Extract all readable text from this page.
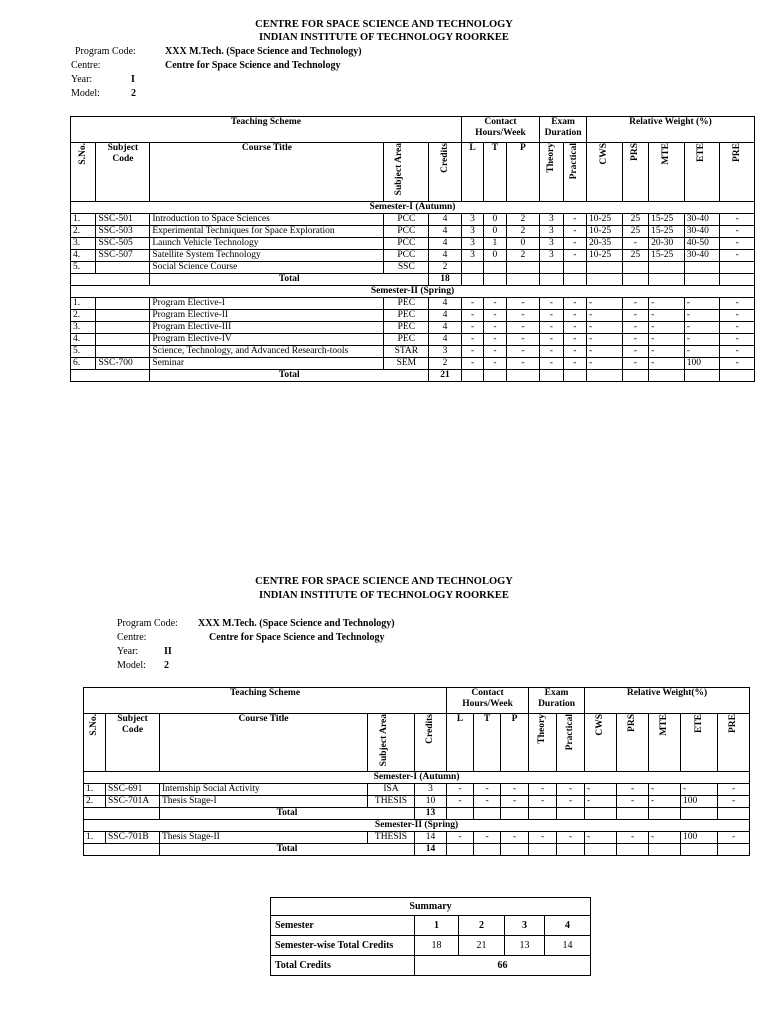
CENTRE FOR SPACE SCIENCE AND TECHNOLOGY
INDIAN INSTITUTE OF TECHNOLOGY ROORKEE
Program Code:	XXX M.Tech. (Space Science and Technology)
Centre:	Centre for Space Science and Technology
Year:	I
Model:	2
Teaching Scheme					Contact Hours/Week			Exam Duration		Relative Weight (%)				

S.No.	Subject Code	Course Title	Subject Area	Credits	L	T	P	Theory	Practical	CWS	PRS	MTE	ETE	PRE

Semester-I (Autumn)														
1.	SSC-501	Introduction to Space Sciences	PCC	4	3	0	2	3	-	10-25	25	15-25	30-40	-
2.	SSC-503	Experimental Techniques for Space Exploration	PCC	4	3	0	2	3	-	10-25	25	15-25	30-40	-
3.	SSC-505	Launch Vehicle Technology	PCC	4	3	1	0	3	-	20-35	-	20-30	40-50	-
4.	SSC-507	Satellite System Technology	PCC	4	3	0	2	3	-	10-25	25	15-25	30-40	-
5.		Social Science Course	SSC	2										
		Total		18										
Semester-II (Spring)														
1.		Program Elective-I	PEC	4	-	-	-	-	-	-	-	-	-	-
2.		Program Elective-II	PEC	4	-	-	-	-	-	-	-	-	-	-
3.		Program Elective-III	PEC	4	-	-	-	-	-	-	-	-	-	-
4.		Program Elective-IV	PEC	4	-	-	-	-	-	-	-	-	-	-
5.		Science, Technology, and Advanced Research-tools	STAR	3	-	-	-	-	-	-	-	-	-	-
6.	SSC-700	Seminar	SEM	2	-	-	-	-	-	-	-	-	100	-
		Total		21										
CENTRE FOR SPACE SCIENCE AND TECHNOLOGY
INDIAN INSTITUTE OF TECHNOLOGY ROORKEE
Program Code: XXX M.Tech. (Space Science and Technology)
Centre:	Centre for Space Science and Technology
Year:	II
Model: 2
Teaching Scheme					Contact Hours/Week			Exam Duration		Relative Weight(%)				

S.No.	Subject Code	Course Title	Subject Area	Credits	L	T	P	Theory	Practical	CWS	PRS	MTE	ETE	PRE

Semester-I (Autumn)														
1.	SSC-691	Internship Social Activity	ISA	3	-	-	-	-	-	-	-	-	-	-
2.	SSC-701A	Thesis Stage-I	THESIS	10	-	-	-	-	-	-	-	-	100	-
		Total		13										
Semester-II (Spring)														
1.	SSC-701B	Thesis Stage-II	THESIS	14	-	-	-	-	-	-	-	-	100	-
		Total		14										
Summary				
Semester	1	2	3	4
Semester-wise Total Credits	18	21	13	14
Total Credits	66			
